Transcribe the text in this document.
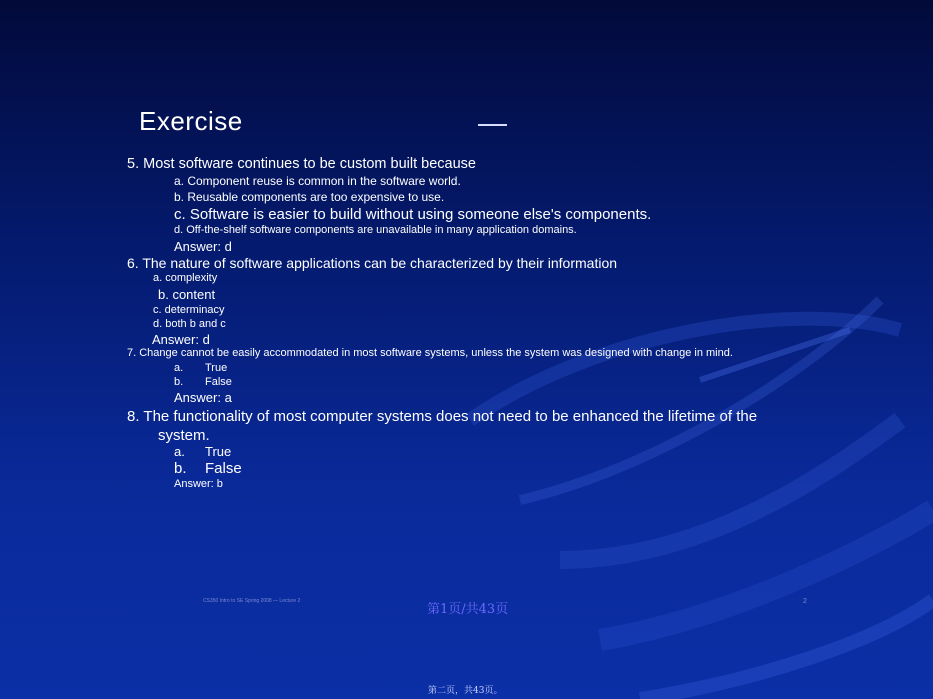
Exercise
5. Most software continues to be custom built because
a. Component reuse is common in the software world.
b. Reusable components are too expensive to use.
c. Software is easier to build without using someone else's components.
d. Off-the-shelf software components are unavailable in many application domains.
Answer: d
6. The nature of software applications can be characterized by their information
a. complexity
b. content
c. determinacy
d. both b and c
Answer: d
7. Change cannot be easily accommodated in most software systems, unless the system was designed with change in mind.
a. True
b. False
Answer: a
8. The functionality of most computer systems does not need to be enhanced the lifetime of the
system.
a. True
b. False
Answer: b
CS350 Intro to SE Spring 2008 — Lecture 2
第1页/共43页
2
第二页，共43页。
